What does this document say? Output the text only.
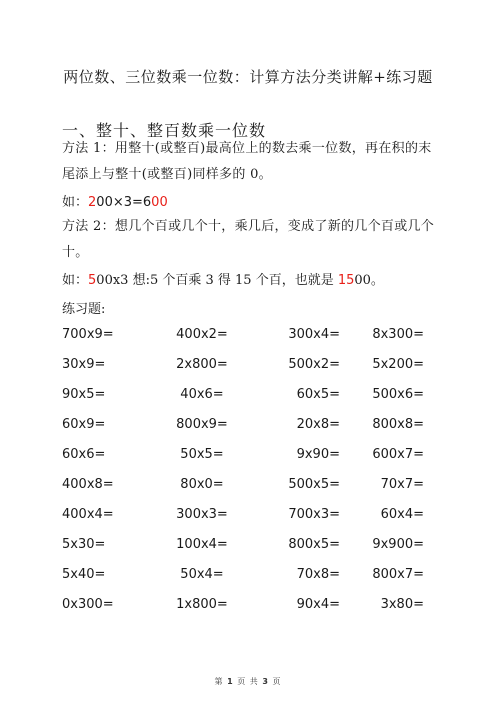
两位数、三位数乘一位数：计算方法分类讲解+练习题
一、整十、整百数乘一位数
方法 1：用整十(或整百)最高位上的数去乘一位数，再在积的末尾添上与整十(或整百)同样多的 0。
如：200×3=600
方法 2：想几个百或几个十，乘几后，变成了新的几个百或几个十。
如：500x3 想:5 个百乘 3 得 15 个百，也就是 1500。
练习题:
700x9=	400x2=	300x4=	8x300=
30x9=	2x800=	500x2=	5x200=
90x5=	40x6=	60x5=	500x6=
60x9=	800x9=	20x8=	800x8=
60x6=	50x5=	9x90=	600x7=
400x8=	80x0=	500x5=	70x7=
400x4=	300x3=	700x3=	60x4=
5x30=	100x4=	800x5=	9x900=
5x40=	50x4=	70x8=	800x7=
0x300=	1x800=	90x4=	3x80=
第 1 页 共 3 页
